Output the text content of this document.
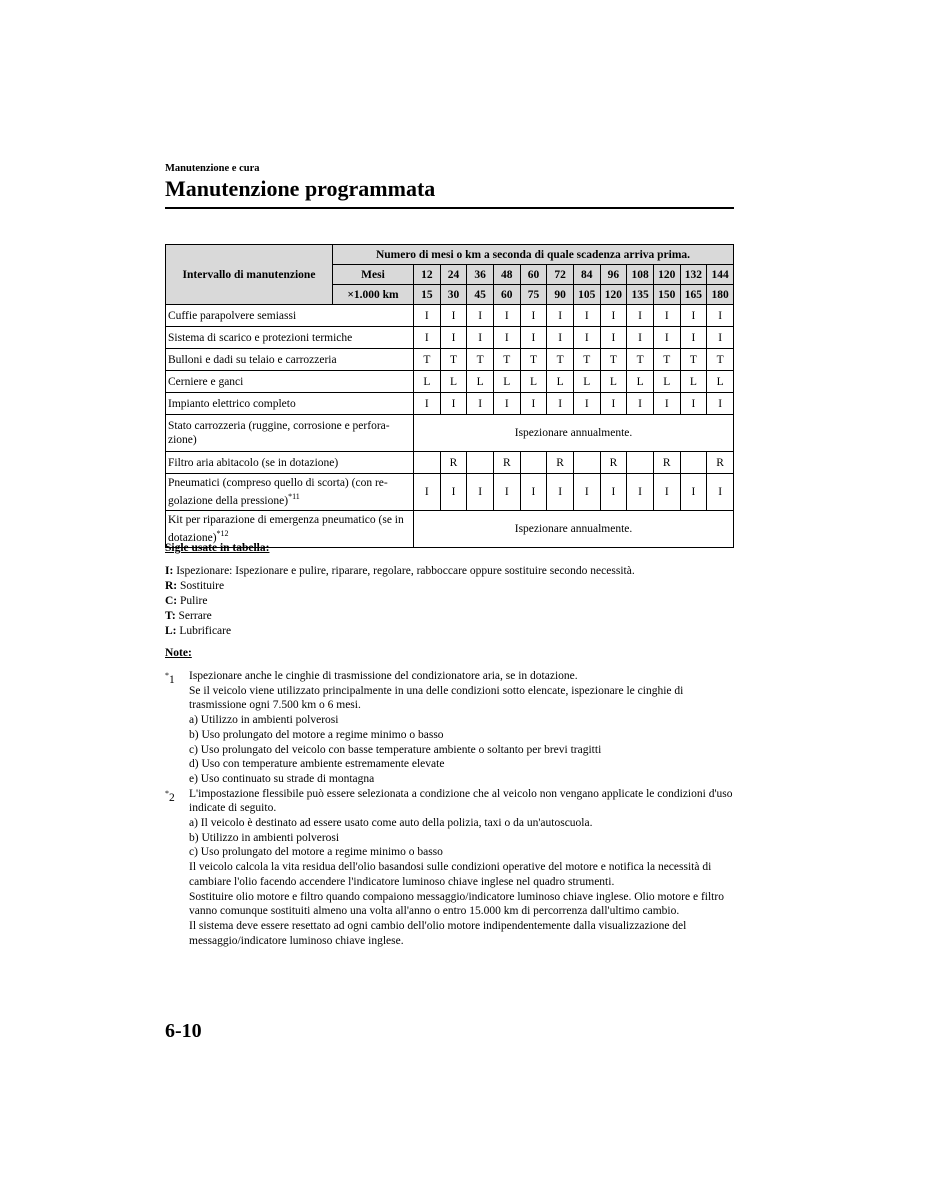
Manutenzione e cura
Manutenzione programmata
Intervallo di manutenzione	Numero di mesi o km a seconda di quale scadenza arriva prima.												
	Mesi	12	24	36	48	60	72	84	96	108	120	132	144
	×1.000 km	15	30	45	60	75	90	105	120	135	150	165	180
Cuffie parapolvere semiassi		I	I	I	I	I	I	I	I	I	I	I	I
Sistema di scarico e protezioni termiche		I	I	I	I	I	I	I	I	I	I	I	I
Bulloni e dadi su telaio e carrozzeria		T	T	T	T	T	T	T	T	T	T	T	T
Cerniere e ganci		L	L	L	L	L	L	L	L	L	L	L	L
Impianto elettrico completo		I	I	I	I	I	I	I	I	I	I	I	I
Stato carrozzeria (ruggine, corrosione e perfora-zione)		Ispezionare annualmente.											
Filtro aria abitacolo (se in dotazione)			R		R		R		R		R		R
Pneumatici (compreso quello di scorta) (con re-golazione della pressione)$^{*11}$		I	I	I	I	I	I	I	I	I	I	I	I
Kit per riparazione di emergenza pneumatico (se in dotazione)$^{*12}$		Ispezionare annualmente.											
Sigle usate in tabella:
I: Ispezionare: Ispezionare e pulire, riparare, regolare, rabboccare oppure sostituire secondo necessità.
R: Sostituire
C: Pulire
T: Serrare
L: Lubrificare
Note:
*1 Ispezionare anche le cinghie di trasmissione del condizionatore aria, se in dotazione.

Se il veicolo viene utilizzato principalmente in una delle condizioni sotto elencate, ispezionare le cinghie di trasmissione ogni 7.500 km o 6 mesi.

a) Utilizzo in ambienti polverosi

b) Uso prolungato del motore a regime minimo o basso

c) Uso prolungato del veicolo con basse temperature ambiente o soltanto per brevi tragitti

d) Uso con temperature ambiente estremamente elevate

e) Uso continuato su strade di montagna

*2 L'impostazione flessibile può essere selezionata a condizione che al veicolo non vengano applicate le condizioni d'uso indicate di seguito.

a) Il veicolo è destinato ad essere usato come auto della polizia, taxi o da un'autoscuola.

b) Utilizzo in ambienti polverosi

c) Uso prolungato del motore a regime minimo o basso

Il veicolo calcola la vita residua dell'olio basandosi sulle condizioni operative del motore e notifica la necessità di cambiare l'olio facendo accendere l'indicatore luminoso chiave inglese nel quadro strumenti.

Sostituire olio motore e filtro quando compaiono messaggio/indicatore luminoso chiave inglese. Olio motore e filtro vanno comunque sostituiti almeno una volta all'anno o entro 15.000 km di percorrenza dall'ultimo cambio.

Il sistema deve essere resettato ad ogni cambio dell'olio motore indipendentemente dalla visualizzazione del messaggio/indicatore luminoso chiave inglese.

6-10
